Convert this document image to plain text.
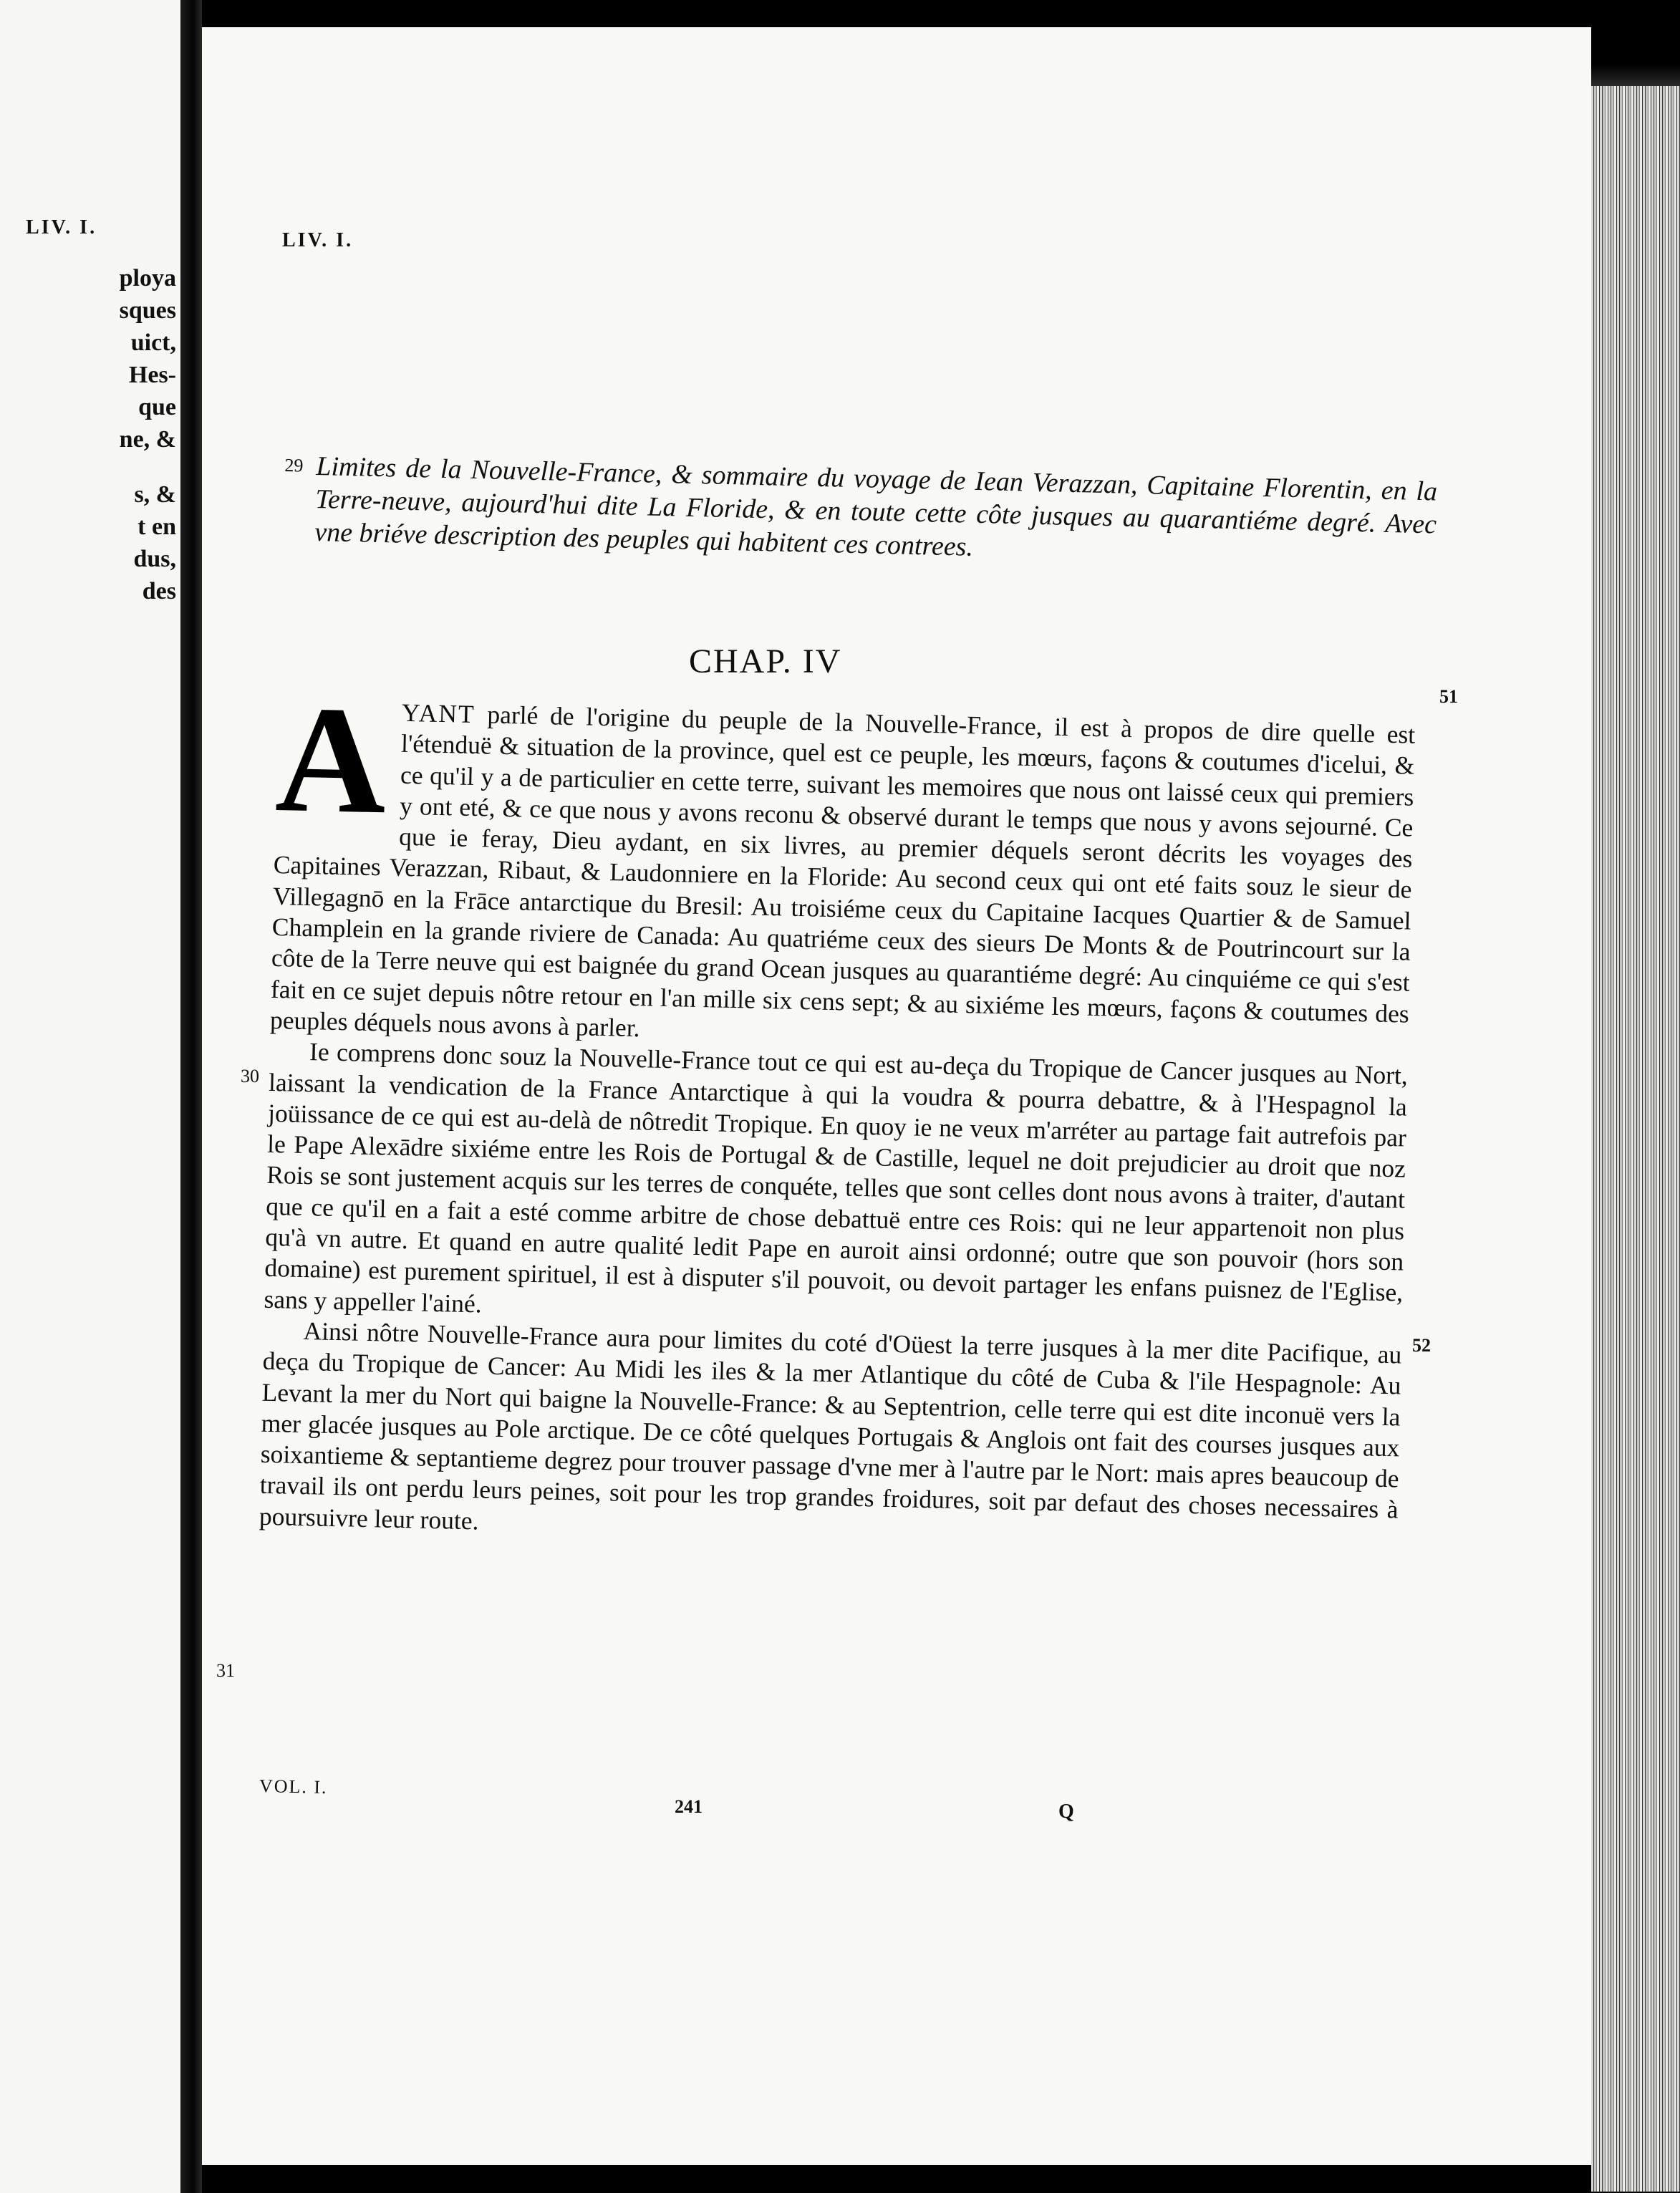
LIV. I.
ploya
sques
uict,
Hes-
que
ne, &
s, &
t en
dus,
des
LIV. I.
29 Limites de la Nouvelle-France, & sommaire du voyage de Iean Verazzan, Capitaine Florentin, en la Terre-neuve, aujourd'hui dite La Floride, & en toute cette côte jusques au quarantiéme degré. Avec vne briéve description des peuples qui habitent ces contrees.
CHAP. IV
51
52
30
31
A YANT parlé de l'origine du peuple de la Nouvelle-France, il est à propos de dire quelle est l'étenduë & situation de la province, quel est ce peuple, les mœurs, façons & coutumes d'icelui, & ce qu'il y a de particulier en cette terre, suivant les memoires que nous ont laissé ceux qui premiers y ont eté, & ce que nous y avons reconu & observé durant le temps que nous y avons sejourné. Ce que ie feray, Dieu aydant, en six livres, au premier déquels seront décrits les voyages des Capitaines Verazzan, Ribaut, & Laudonniere en la Floride: Au second ceux qui ont eté faits souz le sieur de Villegagnō en la Frāce antarctique du Bresil: Au troisiéme ceux du Capitaine Iacques Quartier & de Samuel Champlein en la grande riviere de Canada: Au quatriéme ceux des sieurs De Monts & de Poutrincourt sur la côte de la Terre neuve qui est baignée du grand Ocean jusques au quarantiéme degré: Au cinquiéme ce qui s'est fait en ce sujet depuis nôtre retour en l'an mille six cens sept; & au sixiéme les mœurs, façons & coutumes des peuples déquels nous avons à parler.

Ie comprens donc souz la Nouvelle-France tout ce qui est au-deça du Tropique de Cancer jusques au Nort, laissant la vendication de la France Antarctique à qui la voudra & pourra debattre, & à l'Hespagnol la joüissance de ce qui est au-delà de nôtredit Tropique. En quoy ie ne veux m'arréter au partage fait autrefois par le Pape Alexādre sixiéme entre les Rois de Portugal & de Castille, lequel ne doit prejudicier au droit que noz Rois se sont justement acquis sur les terres de conquéte, telles que sont celles dont nous avons à traiter, d'autant que ce qu'il en a fait a esté comme arbitre de chose debattuë entre ces Rois: qui ne leur appartenoit non plus qu'à vn autre. Et quand en autre qualité ledit Pape en auroit ainsi ordonné; outre que son pouvoir (hors son domaine) est purement spirituel, il est à disputer s'il pouvoit, ou devoit partager les enfans puisnez de l'Eglise, sans y appeller l'ainé.

Ainsi nôtre Nouvelle-France aura pour limites du coté d'Oüest la terre jusques à la mer dite Pacifique, au deça du Tropique de Cancer: Au Midi les iles & la mer Atlantique du côté de Cuba & l'ile Hespagnole: Au Levant la mer du Nort qui baigne la Nouvelle-France: & au Septentrion, celle terre qui est dite inconuë vers la mer glacée jusques au Pole arctique. De ce côté quelques Portugais & Anglois ont fait des courses jusques aux soixantieme & septantieme degrez pour trouver passage d'vne mer à l'autre par le Nort: mais apres beaucoup de travail ils ont perdu leurs peines, soit pour les trop grandes froidures, soit par defaut des choses necessaires à poursuivre leur route.

VOL. I.
241	Q
